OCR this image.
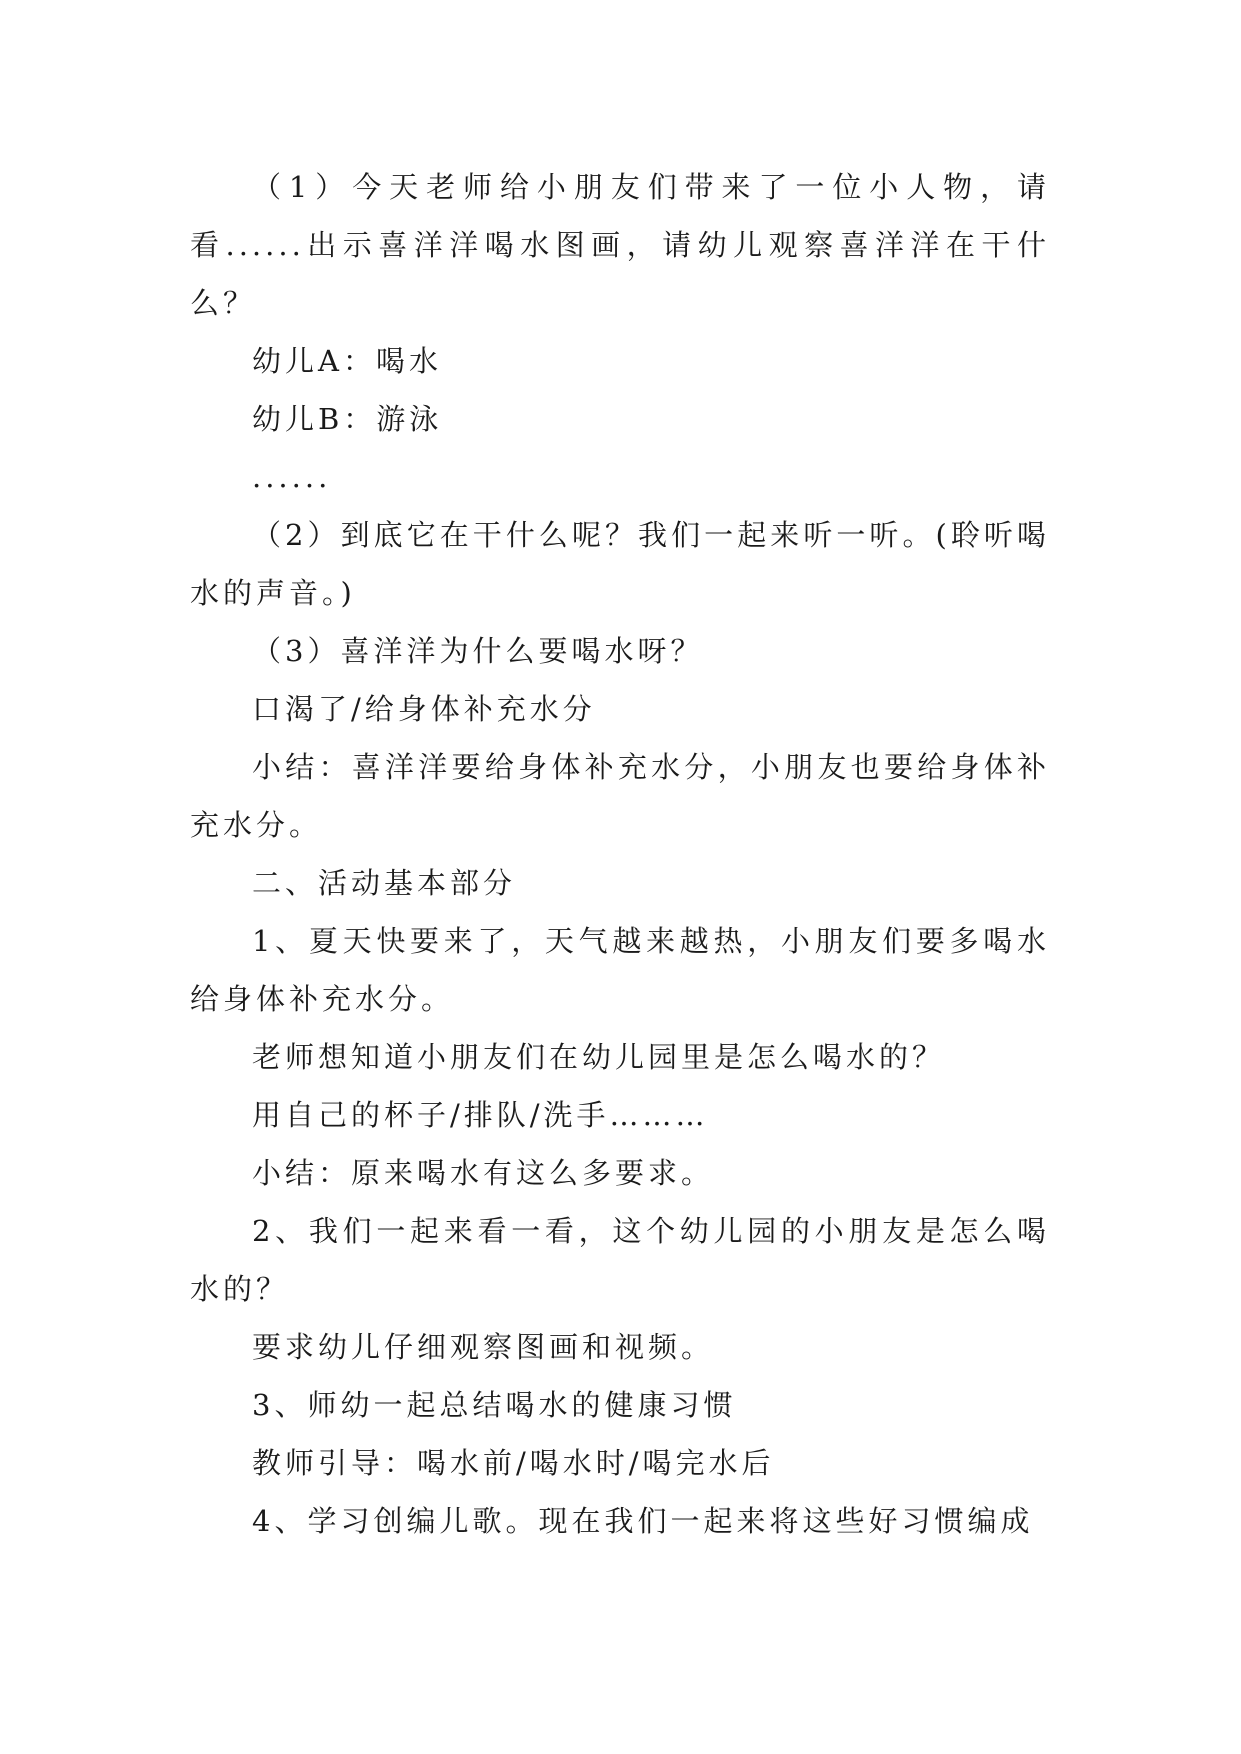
（1）今天老师给小朋友们带来了一位小人物，请看......出示喜洋洋喝水图画，请幼儿观察喜洋洋在干什么？

幼儿A：喝水

幼儿B：游泳

......

（2）到底它在干什么呢？我们一起来听一听。(聆听喝水的声音。)

（3）喜洋洋为什么要喝水呀？

口渴了/给身体补充水分

小结：喜洋洋要给身体补充水分，小朋友也要给身体补充水分。

二、活动基本部分

1、夏天快要来了，天气越来越热，小朋友们要多喝水给身体补充水分。

老师想知道小朋友们在幼儿园里是怎么喝水的？

用自己的杯子/排队/洗手………

小结：原来喝水有这么多要求。

2、我们一起来看一看，这个幼儿园的小朋友是怎么喝水的？

要求幼儿仔细观察图画和视频。

3、师幼一起总结喝水的健康习惯

教师引导：喝水前/喝水时/喝完水后

4、学习创编儿歌。现在我们一起来将这些好习惯编成
